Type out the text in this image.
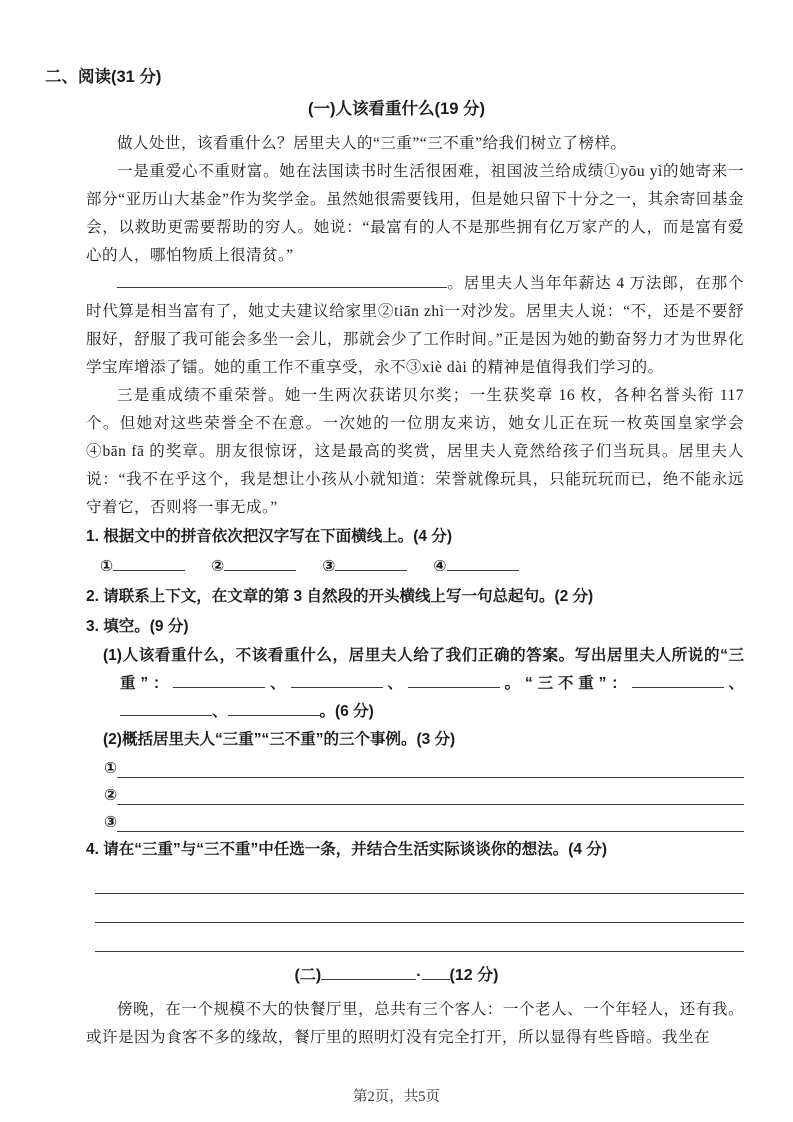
二、阅读(31 分)
(一)人该看重什么(19 分)

做人处世，该看重什么？居里夫人的“三重”“三不重”给我们树立了榜样。

一是重爱心不重财富。她在法国读书时生活很困难，祖国波兰给成绩①yōu yì的她寄来一部分“亚历山大基金”作为奖学金。虽然她很需要钱用，但是她只留下十分之一，其余寄回基金会，以救助更需要帮助的穷人。她说：“最富有的人不是那些拥有亿万家产的人，而是富有爱心的人，哪怕物质上很清贫。”

。居里夫人当年年薪达 4 万法郎，在那个时代算是相当富有了，她丈夫建议给家里②tiān zhì一对沙发。居里夫人说：“不，还是不要舒服好，舒服了我可能会多坐一会儿，那就会少了工作时间。”正是因为她的勤奋努力才为世界化学宝库增添了镭。她的重工作不重享受，永不③xiè dài 的精神是值得我们学习的。

三是重成绩不重荣誉。她一生两次获诺贝尔奖；一生获奖章 16 枚，各种名誉头衔 117 个。但她对这些荣誉全不在意。一次她的一位朋友来访，她女儿正在玩一枚英国皇家学会④bān fā 的奖章。朋友很惊讶，这是最高的奖赏，居里夫人竟然给孩子们当玩具。居里夫人说：“我不在乎这个，我是想让小孩从小就知道：荣誉就像玩具，只能玩玩而已，绝不能永远守着它，否则将一事无成。”

1. 根据文中的拼音依次把汉字写在下面横线上。(4 分)
①	②	③	④
2. 请联系上下文，在文章的第 3 自然段的开头横线上写一句总起句。(2 分)
3. 填空。(9 分)
(1)人该看重什么，不该看重什么，居里夫人给了我们正确的答案。写出居里夫人所说的“三重”：	、	、	。“三不重”：	、、	。(6 分)
(2)概括居里夫人“三重”“三不重”的三个事例。(3 分)
①
②
③
4. 请在“三重”与“三不重”中任选一条，并结合生活实际谈谈你的想法。(4 分)
(二)	· (12 分)

傍晚，在一个规模不大的快餐厅里，总共有三个客人：一个老人、一个年轻人，还有我。或许是因为食客不多的缘故，餐厅里的照明灯没有完全打开，所以显得有些昏暗。我坐在

第2页，共5页
